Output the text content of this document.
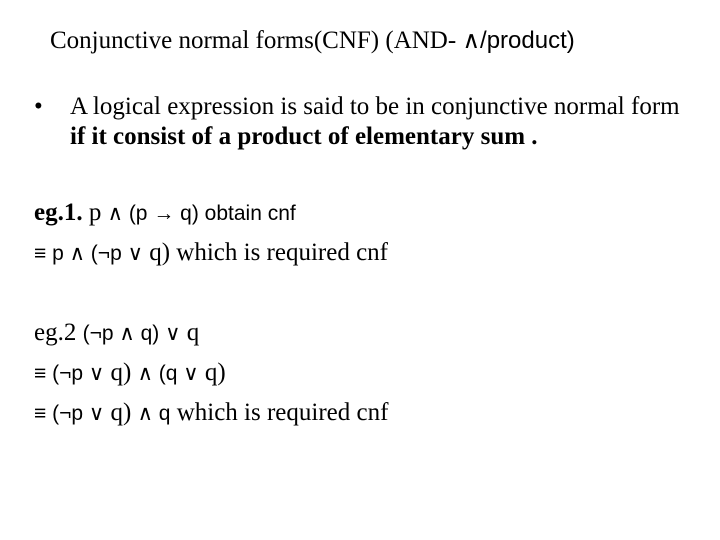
Conjunctive normal forms(CNF) (AND- ∧/product)
•	A logical expression is said to be in conjunctive normal form if it consist of a product of elementary sum .
eg.1. p ∧ (p → q) obtain cnf
≡ p ∧ (¬p ∨ q) which is required cnf
eg.2 (¬p ∧ q) ∨ q
≡ (¬p ∨ q) ∧ (q ∨ q)
≡ (¬p ∨ q) ∧ q which is required cnf
